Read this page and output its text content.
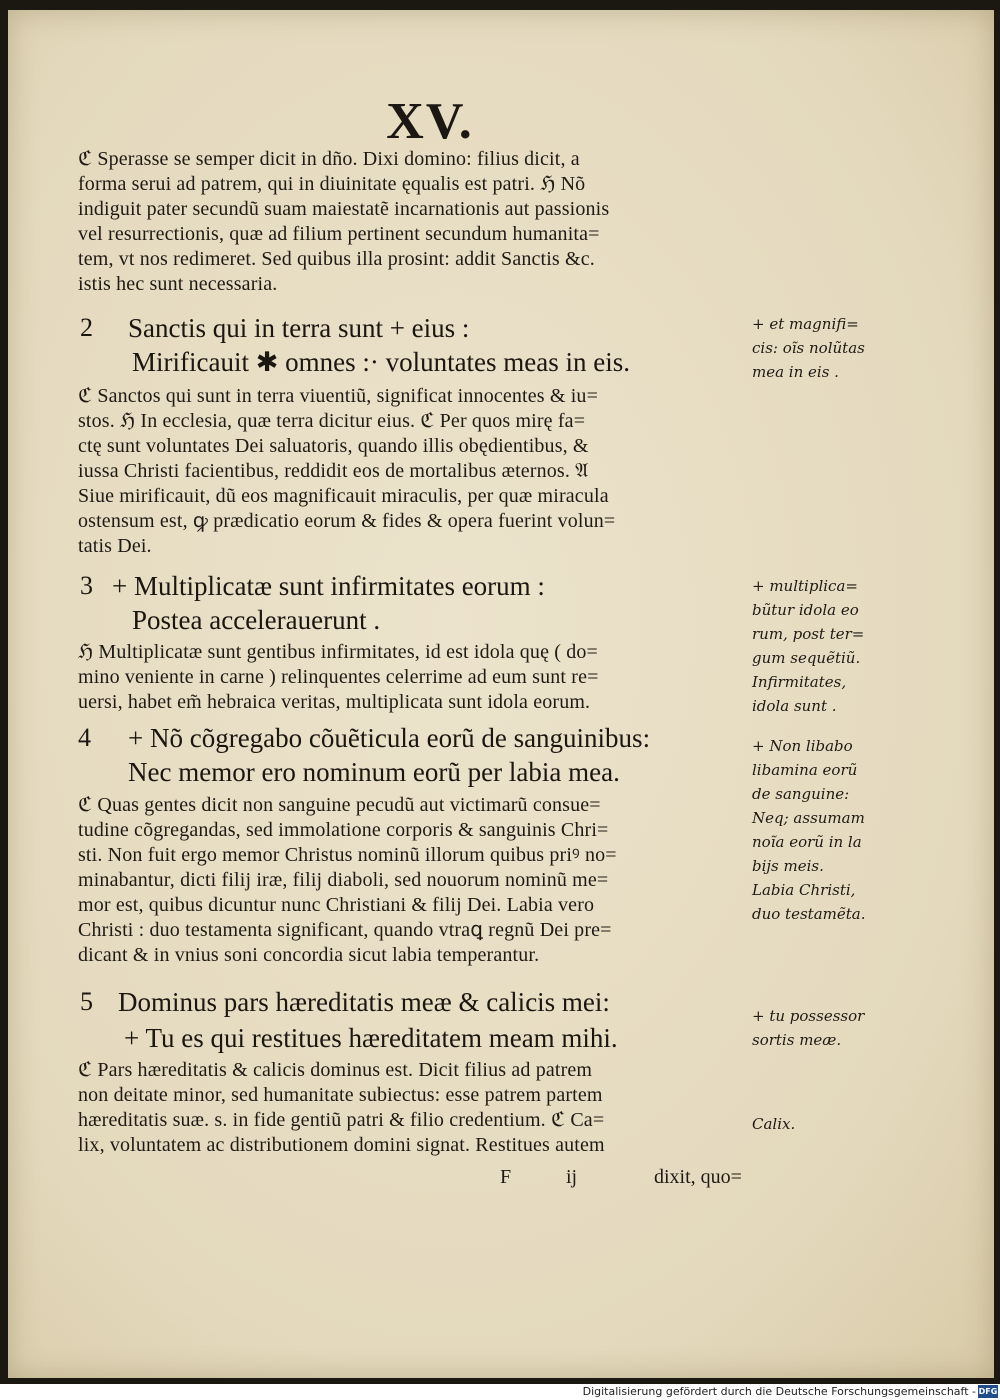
XV.
ℭ Sperasse se semper dicit in dño. Dixi domino: filius dicit, a
forma serui ad patrem, qui in diuinitate ęqualis est patri. ℌ Nõ
indiguit pater secundũ suam maiestatẽ incarnationis aut passionis
vel resurrectionis, quæ ad filium pertinent secundum humanita=
tem, vt nos redimeret. Sed quibus illa prosint: addit Sanctis &c.
istis hec sunt necessaria.
2 Sanctis qui in terra sunt + eius :
Mirificauit ✱ omnes :· voluntates meas in eis.
ℭ Sanctos qui sunt in terra viuentiũ, significat innocentes & iu=
stos. ℌ In ecclesia, quæ terra dicitur eius. ℭ Per quos mirę fa=
ctę sunt voluntates Dei saluatoris, quando illis obędientibus, &
iussa Christi facientibus, reddidit eos de mortalibus æternos. 𝔄
Siue mirificauit, dũ eos magnificauit miraculis, per quæ miracula
ostensum est, ꝙ prædicatio eorum & fides & opera fuerint volun=
tatis Dei.
3 + Multiplicatæ sunt infirmitates eorum :
Postea accelerauerunt .
ℌ Multiplicatæ sunt gentibus infirmitates, id est idola quę ( do=
mino veniente in carne ) relinquentes celerrime ad eum sunt re=
uersi, habet em̃ hebraica veritas, multiplicata sunt idola eorum.
4 + Nõ cõgregabo cõuẽticula eorũ de sanguinibus:
Nec memor ero nominum eorũ per labia mea.
ℭ Quas gentes dicit non sanguine pecudũ aut victimarũ consue=
tudine cõgregandas, sed immolatione corporis & sanguinis Chri=
sti. Non fuit ergo memor Christus nominũ illorum quibus priꝰ no=
minabantur, dicti filij iræ, filij diaboli, sed nouorum nominũ me=
mor est, quibus dicuntur nunc Christiani & filij Dei. Labia vero
Christi : duo testamenta significant, quando vtraꝗ regnũ Dei pre=
dicant & in vnius soni concordia sicut labia temperantur.
5 Dominus pars hæreditatis meæ & calicis mei:
+ Tu es qui restitues hæreditatem meam mihi.
ℭ Pars hæreditatis & calicis dominus est. Dicit filius ad patrem
non deitate minor, sed humanitate subiectus: esse patrem partem
hæreditatis suæ. s. in fide gentiũ patri & filio credentium. ℭ Ca=
lix, voluntatem ac distributionem domini signat. Restitues autem
F	ij	dixit, quo=
+ et magnifi=
cis: oĩs nolũtas
mea in eis .
+ multiplica=
bũtur idola eo
rum, post ter=
gum sequẽtiũ.
Infirmitates,
idola sunt .
+ Non libabo
libamina eorũ
de sanguine:
Neq; assumam
noĩa eorũ in la
bijs meis.
Labia Christi,
duo testamẽta.
+ tu possessor
sortis meæ.
Calix.
Digitalisierung gefördert durch die Deutsche Forschungsgemeinschaft - DFG
